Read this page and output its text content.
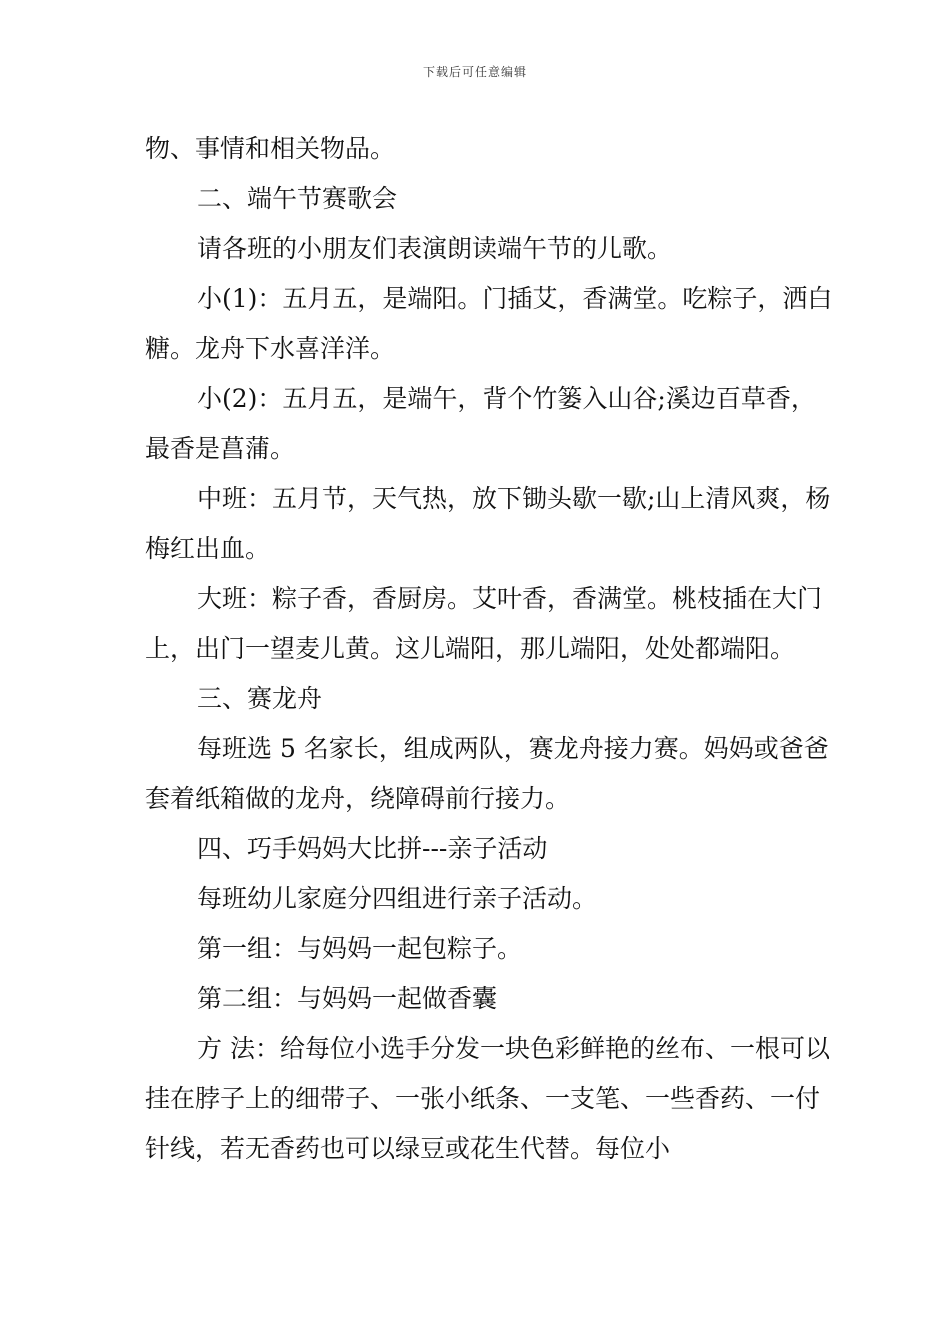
下载后可任意编辑

物、事情和相关物品。

二、端午节赛歌会

请各班的小朋友们表演朗读端午节的儿歌。

小(1)：五月五，是端阳。门插艾，香满堂。吃粽子，洒白糖。龙舟下水喜洋洋。

小(2)：五月五，是端午，背个竹篓入山谷;溪边百草香，最香是菖蒲。

中班：五月节，天气热，放下锄头歇一歇;山上清风爽，杨梅红出血。

大班：粽子香，香厨房。艾叶香，香满堂。桃枝插在大门上，出门一望麦儿黄。这儿端阳，那儿端阳，处处都端阳。

三、赛龙舟

每班选 5 名家长，组成两队，赛龙舟接力赛。妈妈或爸爸套着纸箱做的龙舟，绕障碍前行接力。

四、巧手妈妈大比拼---亲子活动

每班幼儿家庭分四组进行亲子活动。

第一组：与妈妈一起包粽子。

第二组：与妈妈一起做香囊

方 法：给每位小选手分发一块色彩鲜艳的丝布、一根可以挂在脖子上的细带子、一张小纸条、一支笔、一些香药、一付针线，若无香药也可以绿豆或花生代替。每位小
